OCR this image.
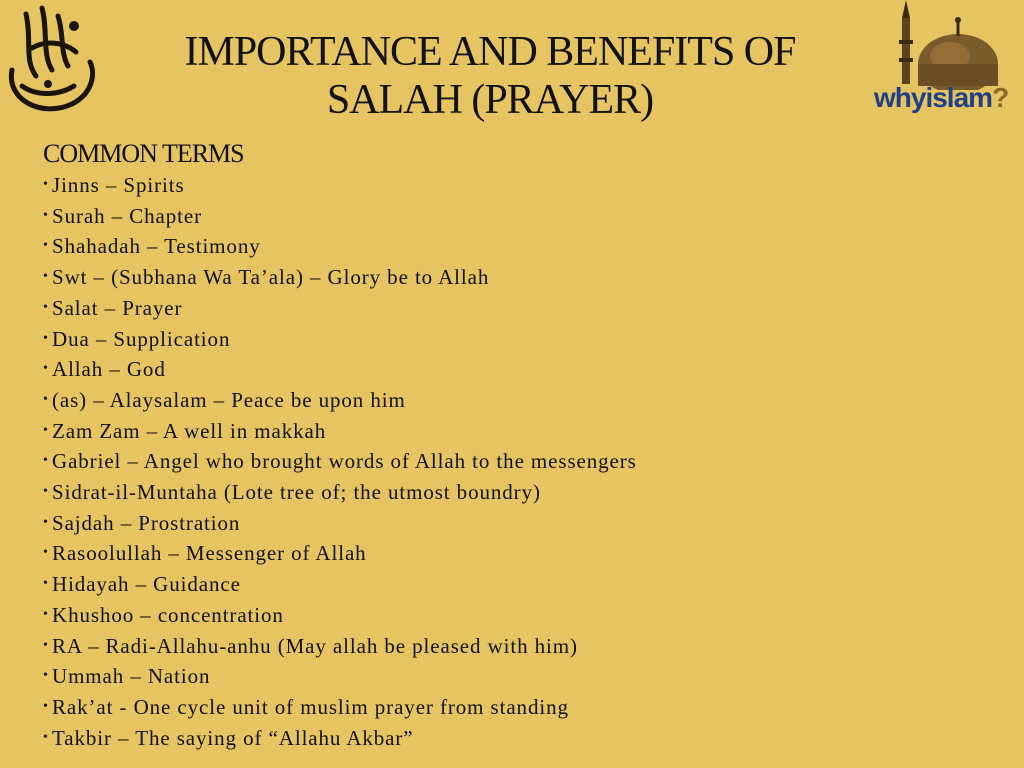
whyislam?
IMPORTANCE AND BENEFITS OF
SALAH (PRAYER)
COMMON TERMS
• Jinns – Spirits
• Surah – Chapter
• Shahadah – Testimony
• Swt – (Subhana Wa Ta’ala) – Glory be to Allah
• Salat – Prayer
• Dua – Supplication
• Allah – God
• (as) – Alaysalam – Peace be upon him
• Zam Zam – A well in makkah
• Gabriel – Angel who brought words of Allah to the messengers
• Sidrat-il-Muntaha (Lote tree of; the utmost boundry)
• Sajdah – Prostration
• Rasoolullah – Messenger of Allah
• Hidayah – Guidance
• Khushoo – concentration
• RA – Radi-Allahu-anhu (May allah be pleased with him)
• Ummah – Nation
• Rak’at - One cycle unit of muslim prayer from standing
• Takbir – The saying of “Allahu Akbar”
